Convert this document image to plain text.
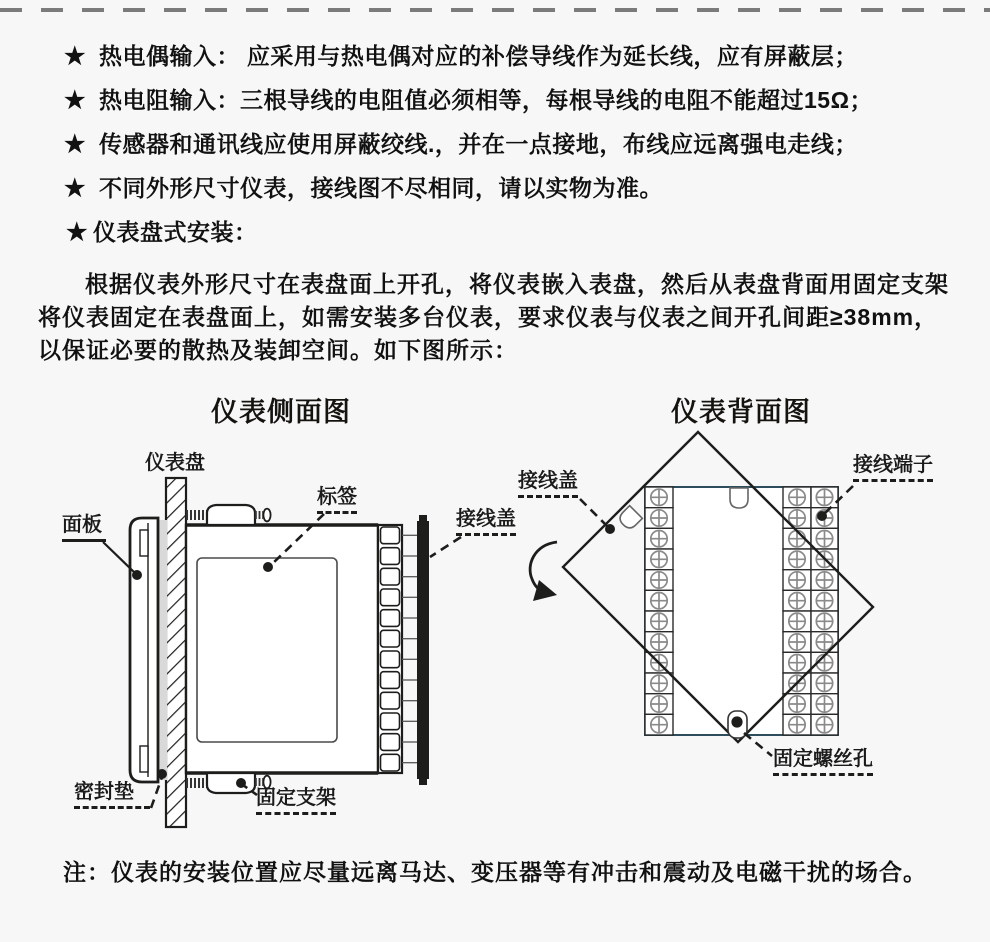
★ 热电偶输入： 应采用与热电偶对应的补偿导线作为延长线，应有屏蔽层；
★ 热电阻输入：三根导线的电阻值必须相等，每根导线的电阻不能超过15Ω；
★ 传感器和通讯线应使用屏蔽绞线.，并在一点接地，布线应远离强电走线；
★ 不同外形尺寸仪表，接线图不尽相同，请以实物为准。
★ 仪表盘式安装：
根据仪表外形尺寸在表盘面上开孔，将仪表嵌入表盘，然后从表盘背面用固定支架
将仪表固定在表盘面上，如需安装多台仪表，要求仪表与仪表之间开孔间距≥38mm，
以保证必要的散热及装卸空间。如下图所示：
仪表侧面图	仪表背面图
仪表盘
面板
标签
接线盖
密封垫	固定支架
接线盖
接线端子
固定螺丝孔
注：仪表的安装位置应尽量远离马达、变压器等有冲击和震动及电磁干扰的场合。
